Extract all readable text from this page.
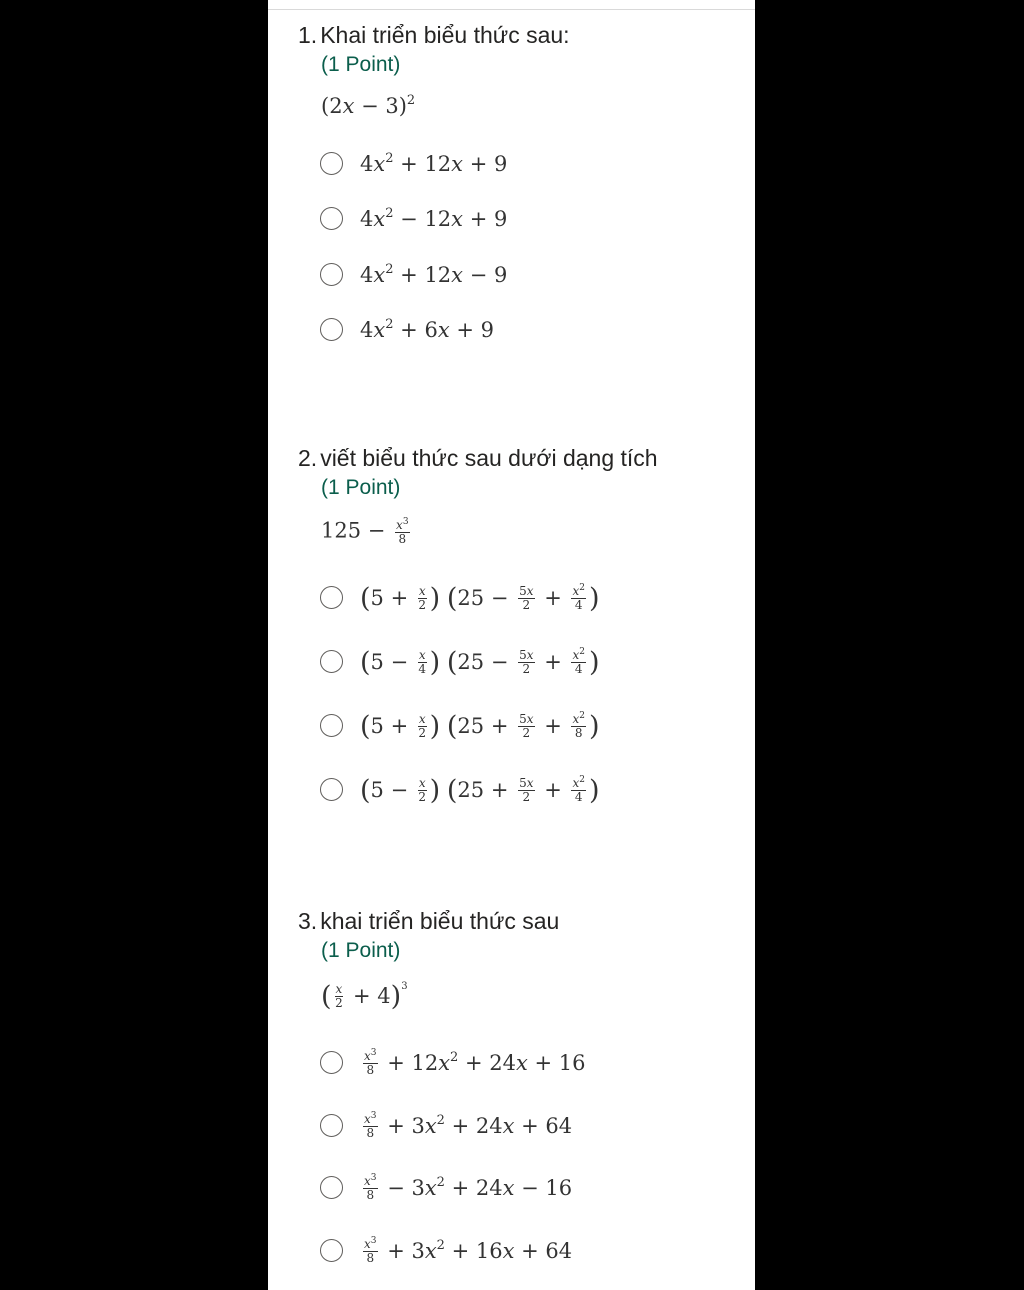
1. Khai triển biểu thức sau:
(1 Point)
$(2x - 3)^2$
$4x^2 + 12x + 9$
$4x^2 - 12x + 9$
$4x^2 + 12x - 9$
$4x^2 + 6x + 9$
2. viết biểu thức sau dưới dạng tích
(1 Point)
$125 - \frac{x^3}{8}$
($5 + \frac{x}{2}$ ) ($25 - \frac{5x}{2} + \frac{x^2}{4}$ )
($5 - \frac{x}{4}$ ) ($25 - \frac{5x}{2} + \frac{x^2}{4}$ )
($5 + \frac{x}{2}$ ) ($25 + \frac{5x}{2} + \frac{x^2}{8}$ )
($5 - \frac{x}{2}$ ) ($25 + \frac{5x}{2} + \frac{x^2}{4}$ )
3. khai triển biểu thức sau
(1 Point)
( $\frac{x}{2} + 4)^3$
$\frac{x^3}{8} + 12x^2 + 24x + 16$
$\frac{x^3}{8} + 3x^2 + 24x + 64$
$\frac{x^3}{8} - 3x^2 + 24x - 16$
$\frac{x^3}{8} + 3x^2 + 16x + 64$
